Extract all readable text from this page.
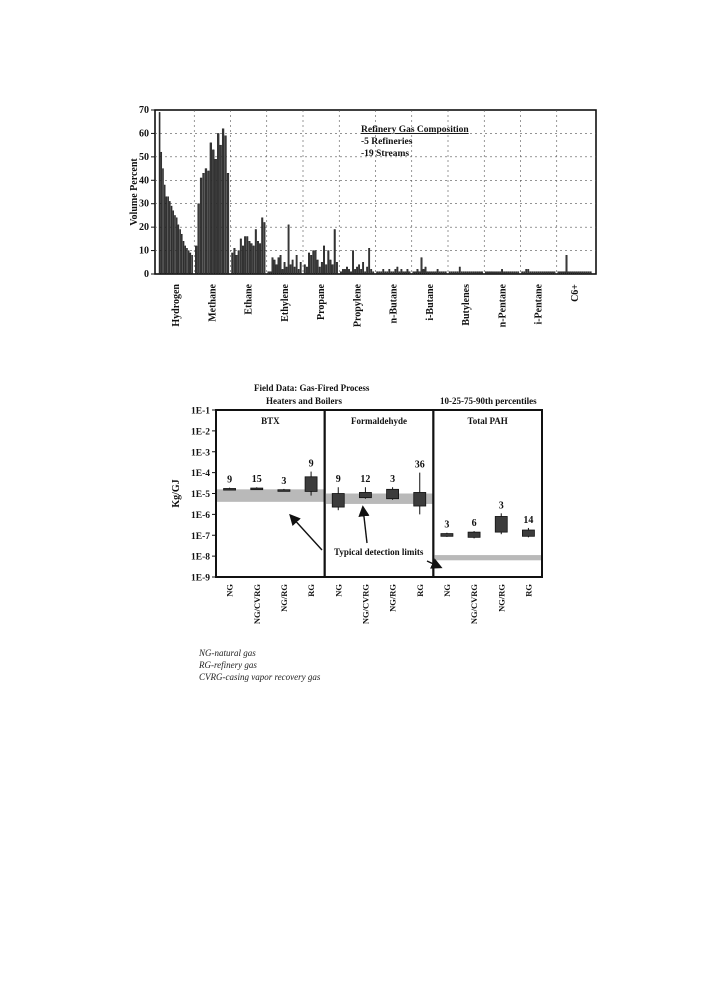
0
10
20
30
40
50
60
70
Volume Percent
Hydrogen	Methane	Ethane	Ethylene	Propane	Propylene	n-Butane	i-Butane	Butylenes	n-Pentane	i-Pentane	C6+
Refinery Gas Composition
-5 Refineries
-19 Streams
Field Data: Gas-Fired Process
Heaters and Boilers	10-25-75-90th percentiles
1E-1
1E-2
1E-3
1E-4
1E-5
1E-6
1E-7
1E-8
1E-9
Kg/GJ
BTX
9
NG
15
NG/CVRG
3
NG/RG
9
RG
Formaldehyde
9
NG
12
NG/CVRG
3
NG/RG
36
RG
Total PAH
3
NG
6
NG/CVRG
3
NG/RG
14
RG
Typical detection limits
NG-natural gas
RG-refinery gas
CVRG-casing vapor recovery gas
